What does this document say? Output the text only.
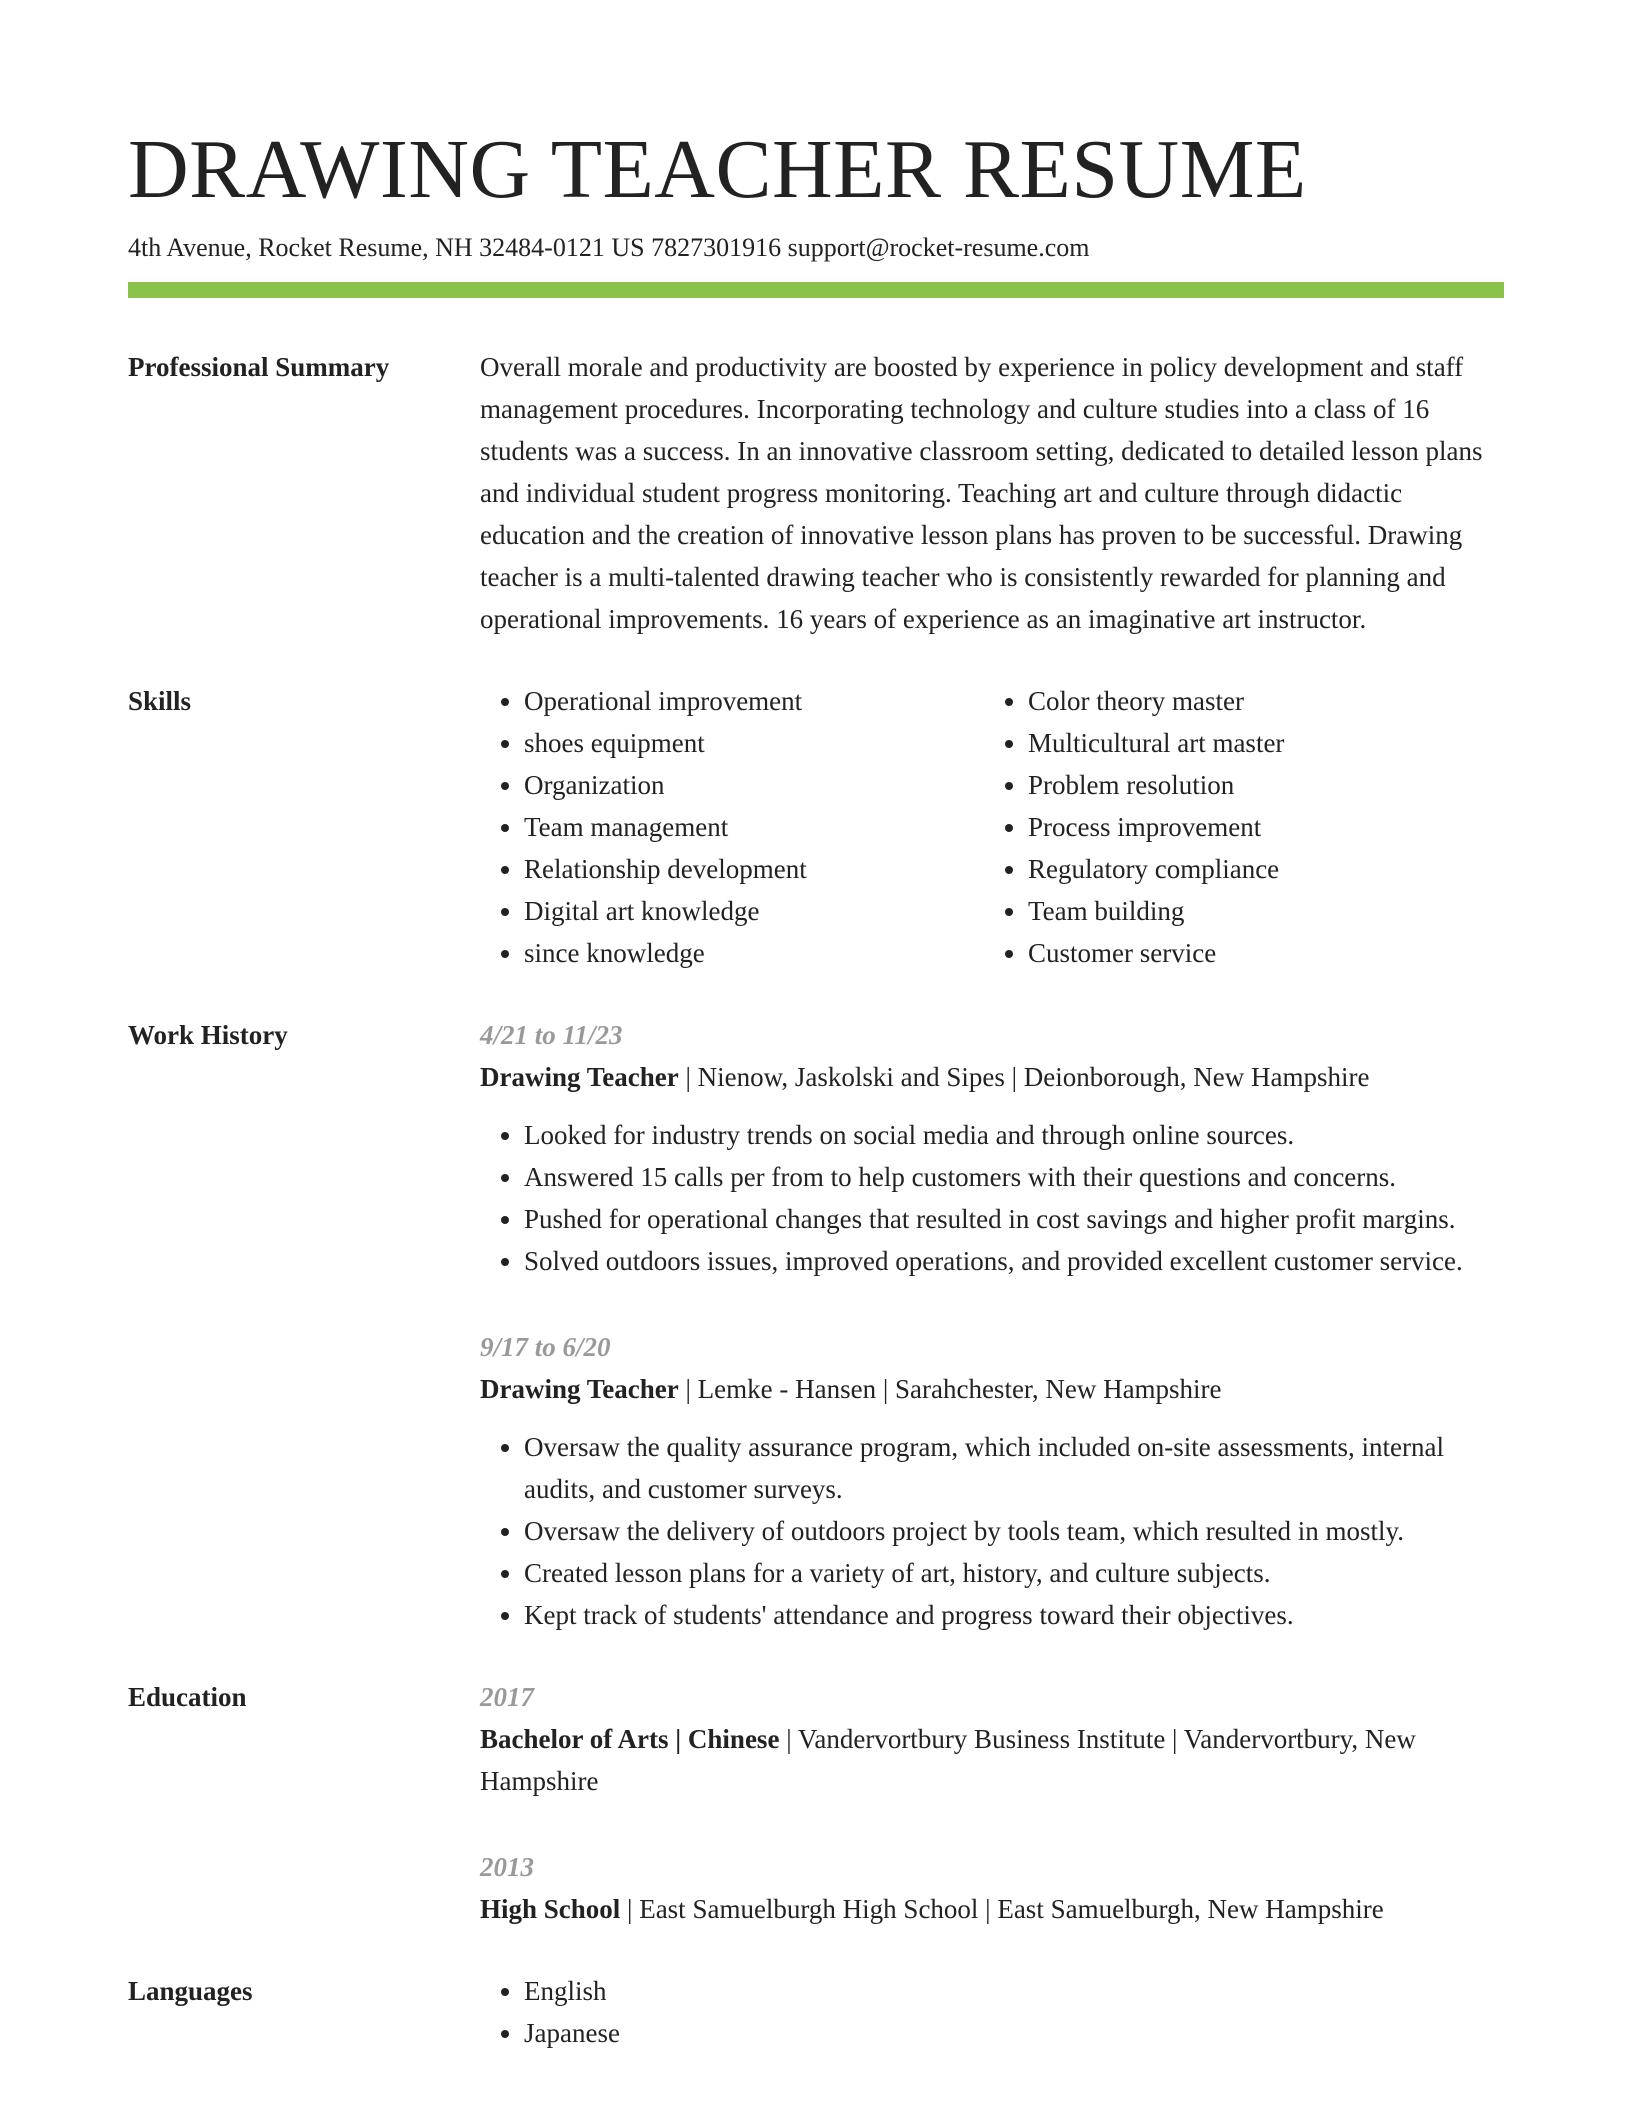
DRAWING TEACHER RESUME
4th Avenue, Rocket Resume, NH 32484-0121 US 7827301916 support@rocket-resume.com
Professional Summary	Overall morale and productivity are boosted by experience in policy development and staff management procedures. Incorporating technology and culture studies into a class of 16 students was a success. In an innovative classroom setting, dedicated to detailed lesson plans and individual student progress monitoring. Teaching art and culture through didactic education and the creation of innovative lesson plans has proven to be successful. Drawing teacher is a multi-talented drawing teacher who is consistently rewarded for planning and operational improvements. 16 years of experience as an imaginative art instructor.

Skills	• Operational improvement
• shoes equipment
• Organization
• Team management
• Relationship development
• Digital art knowledge
• since knowledge
• Color theory master
• Multicultural art master
• Problem resolution
• Process improvement
• Regulatory compliance
• Team building
• Customer service
Work History	4/21 to 11/23
Drawing Teacher | Nienow, Jaskolski and Sipes | Deionborough, New Hampshire
• Looked for industry trends on social media and through online sources.
• Answered 15 calls per from to help customers with their questions and concerns.
• Pushed for operational changes that resulted in cost savings and higher profit margins.
• Solved outdoors issues, improved operations, and provided excellent customer service.
9/17 to 6/20
Drawing Teacher | Lemke - Hansen | Sarahchester, New Hampshire
• Oversaw the quality assurance program, which included on-site assessments, internal audits, and customer surveys.
• Oversaw the delivery of outdoors project by tools team, which resulted in mostly.
• Created lesson plans for a variety of art, history, and culture subjects.
• Kept track of students' attendance and progress toward their objectives.
Education	2017
Bachelor of Arts | Chinese | Vandervortbury Business Institute | Vandervortbury, New Hampshire
2013
High School | East Samuelburgh High School | East Samuelburgh, New Hampshire
Languages	• English
• Japanese
